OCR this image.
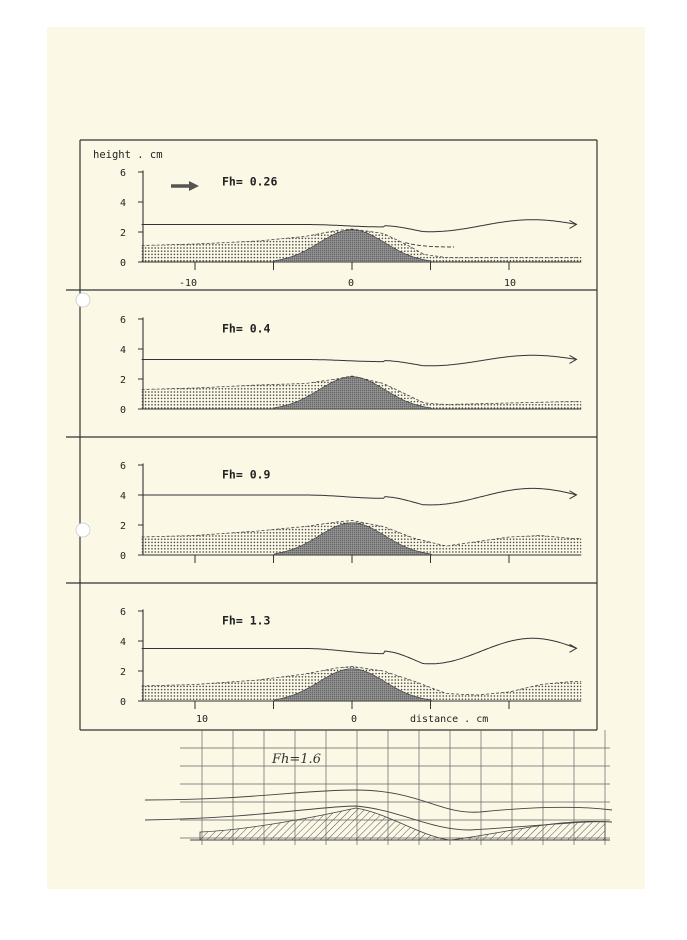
height . cm
0
2
4
6
Fh= 0.26
-10	0	10
0
2
4
6
Fh= 0.4
0
2
4
6
Fh= 0.9
0
2
4
6
Fh= 1.3
10	0	distance . cm
Fh=1.6
